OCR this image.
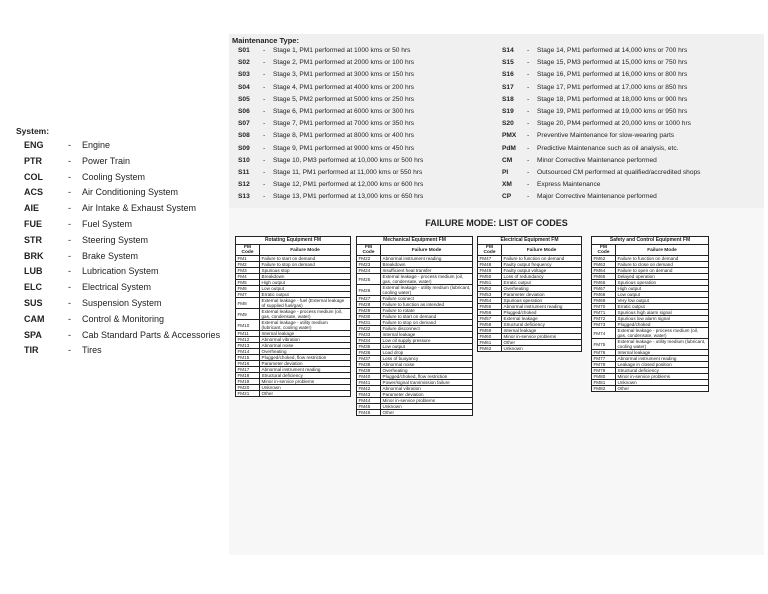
Maintenance Type:
S01 - Stage 1, PM1 performed at 1000 kms or 50 hrs
S02 - Stage 2, PM1 performed at 2000 kms or 100 hrs
S03 - Stage 3, PM1 performed at 3000 kms or 150 hrs
S04 - Stage 4, PM1 performed at 4000 kms or 200 hrs
S05 - Stage 5, PM2 performed at 5000 kms or 250 hrs
S06 - Stage 6, PM1 performed at 6000 kms or 300 hrs
S07 - Stage 7, PM1 performed at 7000 kms or 350 hrs
S08 - Stage 8, PM1 performed at 8000 kms or 400 hrs
S09 - Stage 9, PM1 performed at 9000 kms or 450 hrs
S10 - Stage 10, PM3 performed at 10,000 kms or 500 hrs
S11 - Stage 11, PM1 performed at 11,000 kms or 550 hrs
S12 - Stage 12, PM1 performed at 12,000 kms or 600 hrs
S13 - Stage 13, PM1 performed at 13,000 kms or 650 hrs
S14 - Stage 14, PM1 performed at 14,000 kms or 700 hrs
S15 - Stage 15, PM3 performed at 15,000 kms or 750 hrs
S16 - Stage 16, PM1 performed at 16,000 kms or 800 hrs
S17 - Stage 17, PM1 performed at 17,000 kms or 850 hrs
S18 - Stage 18, PM1 performed at 18,000 kms or 900 hrs
S19 - Stage 19, PM1 performed at 19,000 kms or 950 hrs
S20 - Stage 20, PM4 performed at 20,000 kms or 1000 hrs
PMX - Preventive Maintenance for slow-wearing parts
PdM - Predictive Maintenance such as oil analysis, etc.
CM - Minor Corrective Maintenance performed
PI	- Outsourced CM performed at qualified/accredited shops
XM - Express Maintenance
CP - Major Corrective Maintenance performed
System:
ENG	- Engine
PTR	- Power Train
COL	- Cooling System
ACS	- Air Conditioning System
AIE	- Air Intake & Exhaust System
FUE	- Fuel System
STR	- Steering System
BRK	- Brake System
LUB	- Lubrication System
ELC	- Electrical System
SUS	- Suspension System
CAM	- Control & Monitoring
SPA	- Cab Standard Parts & Accessories
TIR	- Tires
FAILURE MODE: LIST OF CODES
Rotating Equipment FM	
FM Code	Failure Mode
FM1	Failure to start on demand
FM2	Failure to stop on demand
FM3	Spurious stop
FM4	Breakdown
FM5	High output
FM6	Low output
FM7	Erratic output
FM8	External leakage - fuel (External leakage of supplied fuel/gas)
FM9	External leakage - process medium (oil, gas, condensate, water)
FM10	External leakage - utility medium (lubricant, cooling water)
FM11	Internal leakage
FM12	Abnormal vibration
FM13	Abnormal noise
FM14	Overheating
FM15	Plugged/choked, flow restriction
FM16	Parameter deviation
FM17	Abnormal instrument reading
FM18	Structural deficiency
FM19	Minor in-service problems
FM20	Unknown
FM21	Other
Mechanical Equipment FM	
FM Code	Failure Mode
FM22	Abnormal instrument reading
FM23	Breakdown
FM24	Insufficient heat transfer
FM25	External leakage - process medium (oil, gas, condensate, water)
FM26	External leakage - utility medium (lubricant, cooling water)
FM27	Failure connect
FM28	Failure to function as intended
FM29	Failure to rotate
FM30	Failure to start on demand
FM31	Failure to stop on demand
FM32	Failure disconnect
FM33	Internal leakage
FM34	Low oil supply pressure
FM35	Low output
FM36	Load drop
FM37	Loss of buoyancy
FM38	Abnormal noise
FM39	Overheating
FM40	Plugged/choked, flow restriction
FM41	Power/signal transmission failure
FM42	Abnormal vibration
FM43	Parameter deviation
FM44	Minor in-service problems
FM45	Unknown
FM46	Other
Electrical Equipment FM	
FM Code	Failure Mode
FM47	Failure to function on demand
FM48	Faulty output frequency
FM49	Faulty output voltage
FM50	Loss of redundancy
FM51	Erratic output
FM52	Overheating
FM53	Parameter deviation
FM54	Spurious operation
FM55	Abnormal instrument reading
FM56	Plugged/choked
FM57	External leakage
FM58	Structural deficiency
FM59	Internal leakage
FM60	Minor in-service problems
FM61	Other
FM62	Unknown
Safety and Control Equipment FM	
FM Code	Failure Mode
FM62	Failure to function on demand
FM63	Failure to close on demand
FM64	Failure to open on demand
FM65	Delayed operation
FM66	Spurious operation
FM67	High output
FM68	Low output
FM69	Very low output
FM70	Erratic output
FM71	Spurious high alarm signal
FM72	Spurious low alarm signal
FM73	Plugged/choked
FM74	External leakage - process medium (oil, gas, condensate, water)
FM75	External leakage - utility medium (lubricant, cooling water)
FM76	Internal leakage
FM77	Abnormal instrument reading
FM78	Leakage in closed position
FM79	Structural deficiency
FM80	Minor in-service problems
FM81	Unknown
FM82	Other
